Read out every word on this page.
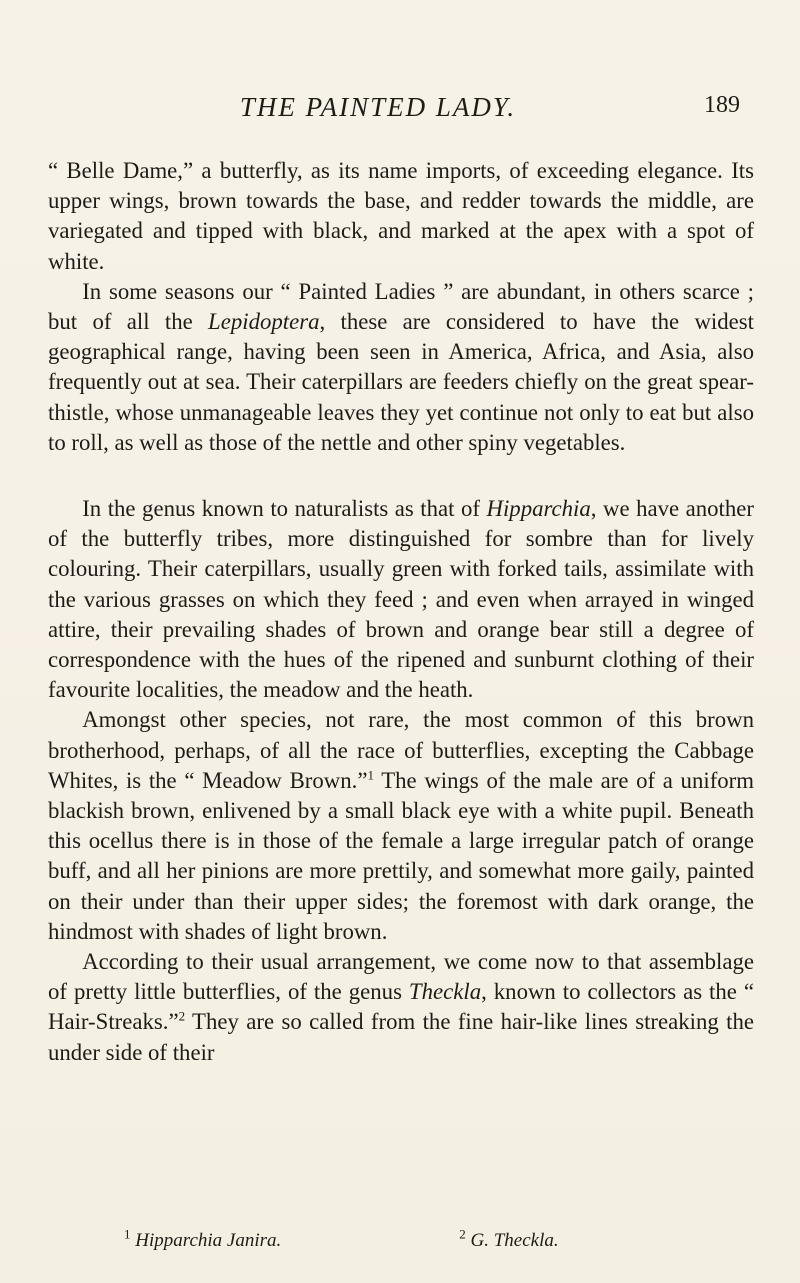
THE PAINTED LADY.	189

“ Belle Dame,” a butterfly, as its name imports, of exceeding elegance. Its upper wings, brown towards the base, and redder towards the middle, are variegated and tipped with black, and marked at the apex with a spot of white.

In some seasons our “ Painted Ladies ” are abundant, in others scarce ; but of all the Lepidoptera, these are considered to have the widest geographical range, having been seen in America, Africa, and Asia, also frequently out at sea. Their caterpillars are feeders chiefly on the great spear-thistle, whose unmanageable leaves they yet continue not only to eat but also to roll, as well as those of the nettle and other spiny vegetables.

In the genus known to naturalists as that of Hipparchia, we have another of the butterfly tribes, more distinguished for sombre than for lively colouring. Their caterpillars, usually green with forked tails, assimilate with the various grasses on which they feed ; and even when arrayed in winged attire, their prevailing shades of brown and orange bear still a degree of correspondence with the hues of the ripened and sunburnt clothing of their favourite localities, the meadow and the heath.

Amongst other species, not rare, the most common of this brown brotherhood, perhaps, of all the race of butterflies, excepting the Cabbage Whites, is the “ Meadow Brown.”$^1$ The wings of the male are of a uniform blackish brown, enlivened by a small black eye with a white pupil. Beneath this ocellus there is in those of the female a large irregular patch of orange buff, and all her pinions are more prettily, and somewhat more gaily, painted on their under than their upper sides; the foremost with dark orange, the hindmost with shades of light brown.

According to their usual arrangement, we come now to that assemblage of pretty little butterflies, of the genus Theckla, known to collectors as the “ Hair-Streaks.”$^2$ They are so called from the fine hair-like lines streaking the under side of their

$^1$ Hipparchia Janira.	$^2$ G. Theckla.
